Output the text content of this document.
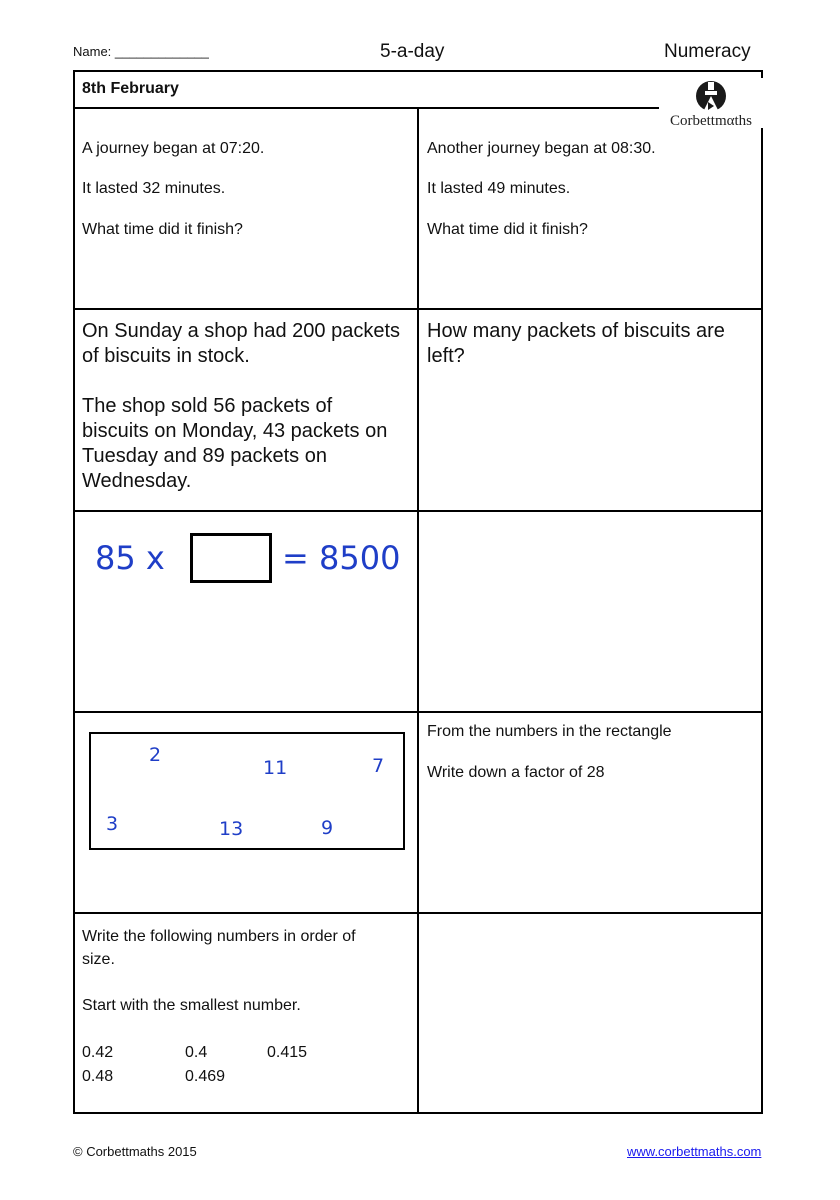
Name: _____________	5-a-day	Numeracy
8th February
Corbettmαths
A journey began at 07:20.
It lasted 32 minutes.
What time did it finish?
Another journey began at 08:30.
It lasted 49 minutes.
What time did it finish?
On Sunday a shop had 200 packets
of biscuits in stock.
The shop sold 56 packets of
biscuits on Monday, 43 packets on
Tuesday and 89 packets on
Wednesday.
How many packets of biscuits are
left?
85 x	= 8500
2
11	7
3	13	9
From the numbers in the rectangle
Write down a factor of 28
Write the following numbers in order of
size.
Start with the smallest number.
0.42	0.4	0.415
0.48	0.469
© Corbettmaths 2015	www.corbettmaths.com
